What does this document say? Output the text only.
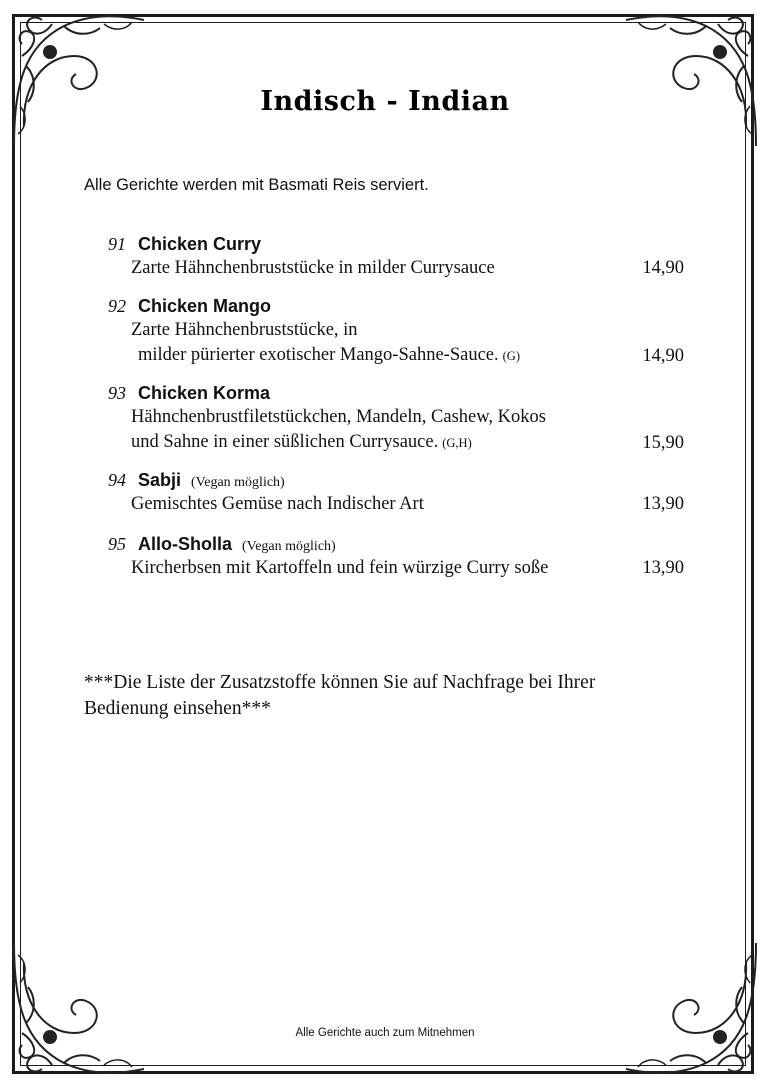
Indisch - Indian
Alle Gerichte werden mit Basmati Reis serviert.
91 Chicken Curry
Zarte Hähnchenbruststücke in milder Currysauce	14,90
92 Chicken Mango
Zarte Hähnchenbruststücke, in
milder pürierter exotischer Mango-Sahne-Sauce. (G)	14,90
93 Chicken Korma
Hähnchenbrustfiletstückchen, Mandeln, Cashew, Kokos
und Sahne in einer süßlichen Currysauce. (G,H)	15,90
94 Sabji (Vegan möglich)
Gemischtes Gemüse nach Indischer Art	13,90
95 Allo-Sholla (Vegan möglich)
Kircherbsen mit Kartoffeln und fein würzige Curry soße	13,90
***Die Liste der Zusatzstoffe können Sie auf Nachfrage bei Ihrer Bedienung einsehen***
Alle Gerichte auch zum Mitnehmen
